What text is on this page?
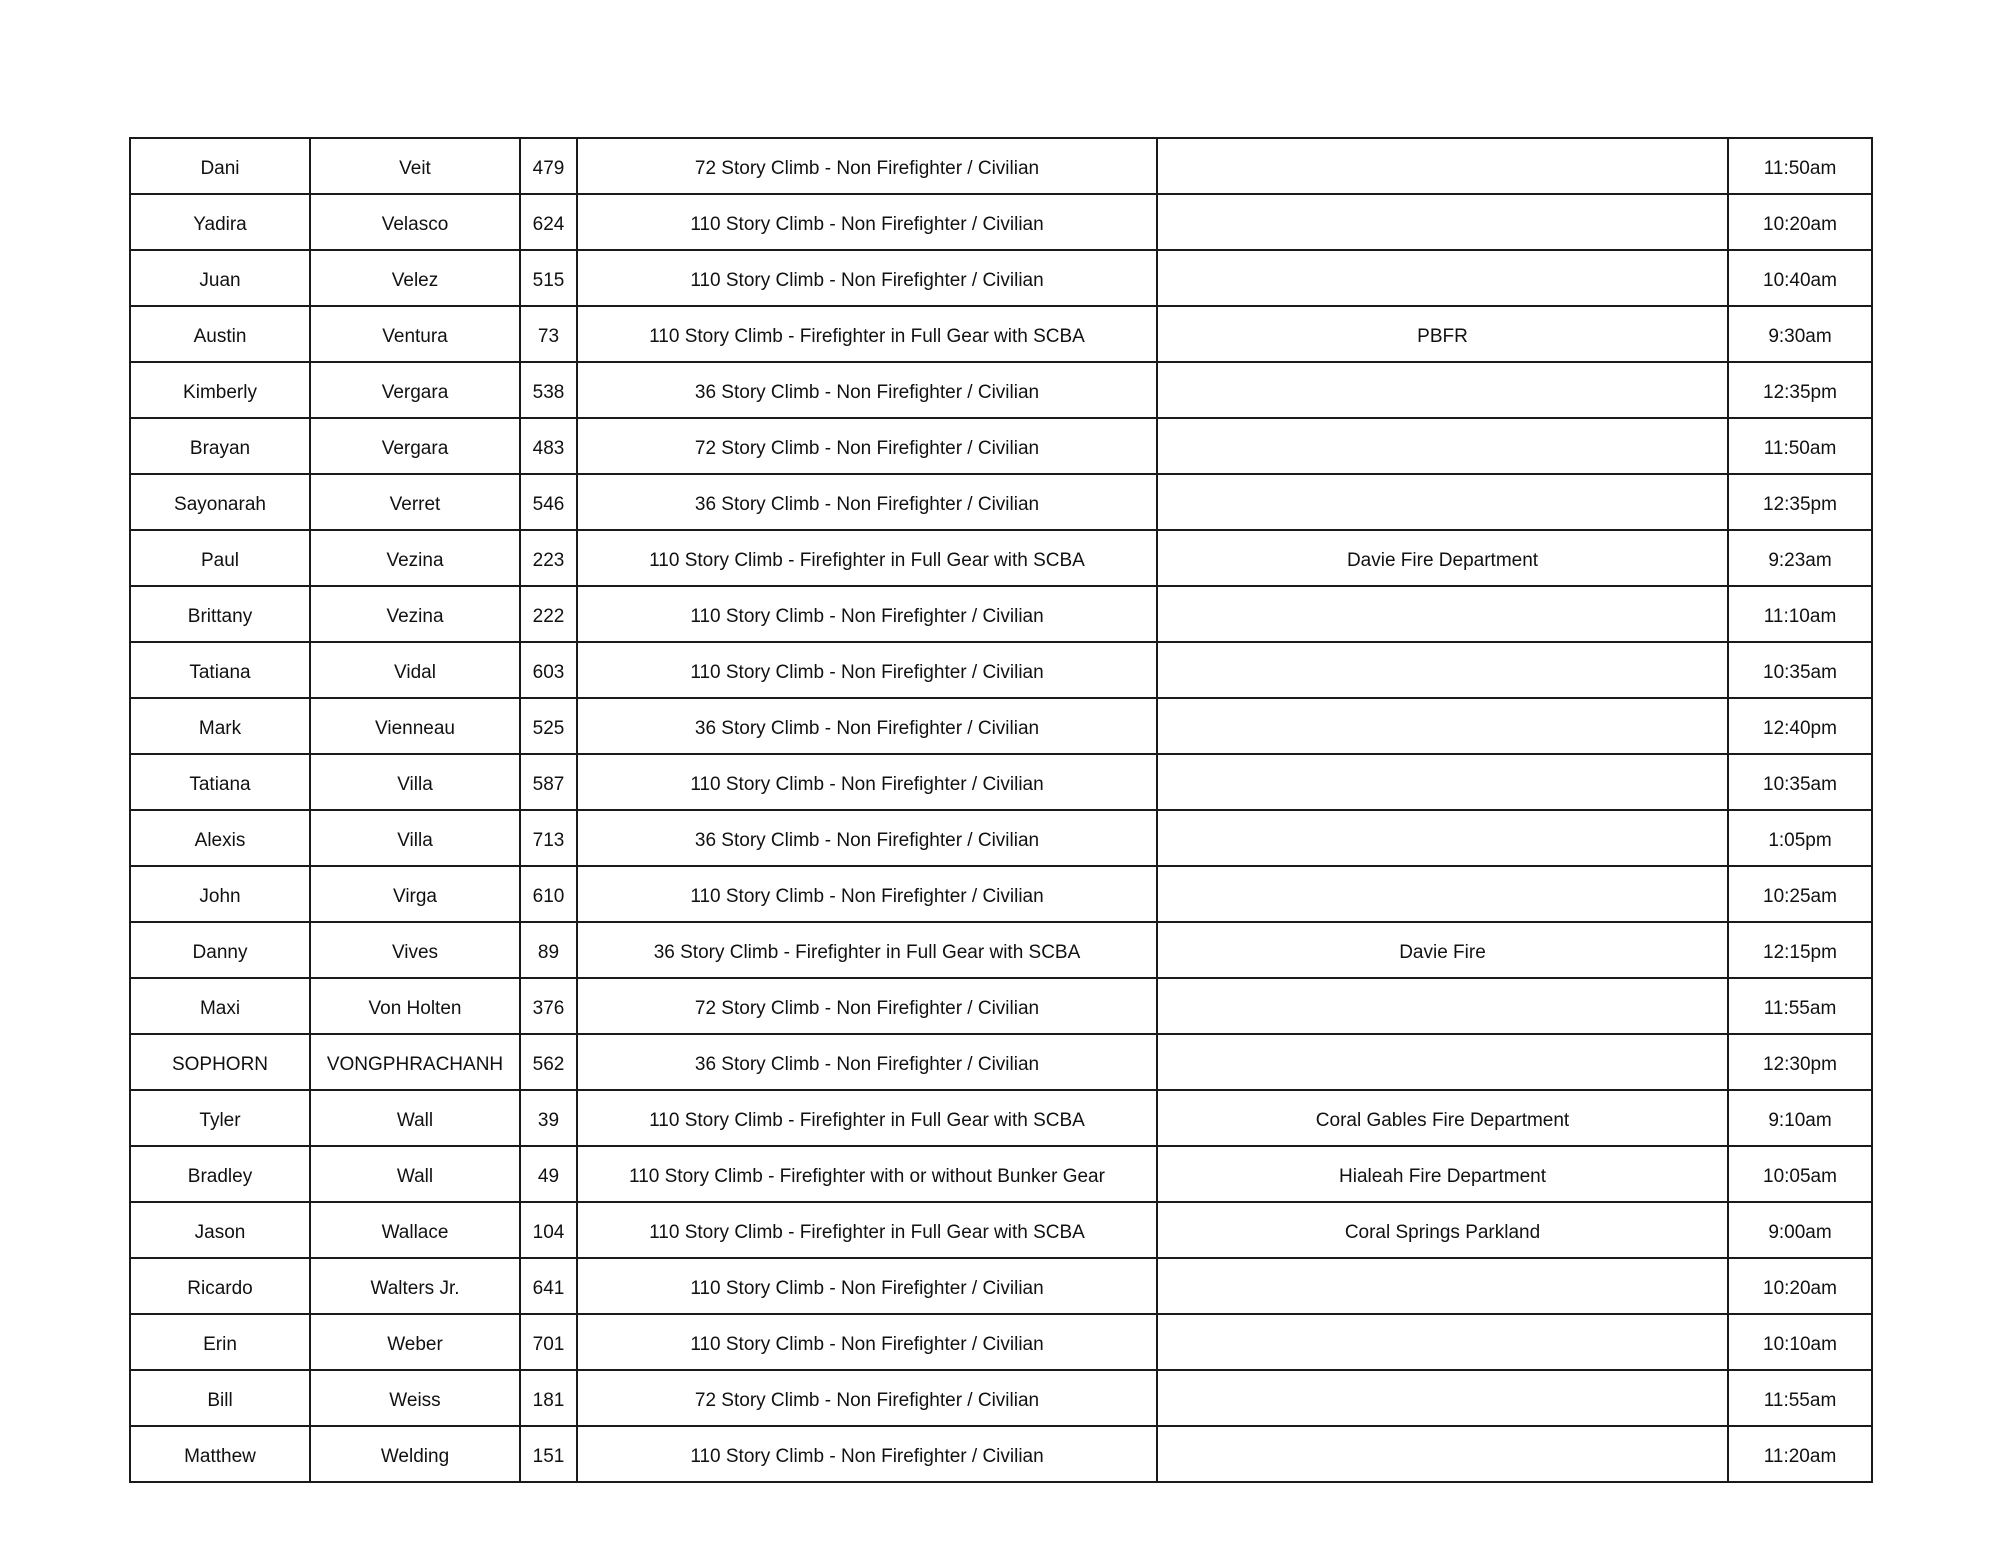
Dani	Veit	479	72 Story Climb - Non Firefighter / Civilian		11:50am
Yadira	Velasco	624	110 Story Climb - Non Firefighter / Civilian		10:20am
Juan	Velez	515	110 Story Climb - Non Firefighter / Civilian		10:40am
Austin	Ventura	73	110 Story Climb - Firefighter in Full Gear with SCBA	PBFR	9:30am
Kimberly	Vergara	538	36 Story Climb - Non Firefighter / Civilian		12:35pm
Brayan	Vergara	483	72 Story Climb - Non Firefighter / Civilian		11:50am
Sayonarah	Verret	546	36 Story Climb - Non Firefighter / Civilian		12:35pm
Paul	Vezina	223	110 Story Climb - Firefighter in Full Gear with SCBA	Davie Fire Department	9:23am
Brittany	Vezina	222	110 Story Climb - Non Firefighter / Civilian		11:10am
Tatiana	Vidal	603	110 Story Climb - Non Firefighter / Civilian		10:35am
Mark	Vienneau	525	36 Story Climb - Non Firefighter / Civilian		12:40pm
Tatiana	Villa	587	110 Story Climb - Non Firefighter / Civilian		10:35am
Alexis	Villa	713	36 Story Climb - Non Firefighter / Civilian		1:05pm
John	Virga	610	110 Story Climb - Non Firefighter / Civilian		10:25am
Danny	Vives	89	36 Story Climb - Firefighter in Full Gear with SCBA	Davie Fire	12:15pm
Maxi	Von Holten	376	72 Story Climb - Non Firefighter / Civilian		11:55am
SOPHORN	VONGPHRACHANH	562	36 Story Climb - Non Firefighter / Civilian		12:30pm
Tyler	Wall	39	110 Story Climb - Firefighter in Full Gear with SCBA	Coral Gables Fire Department	9:10am
Bradley	Wall	49	110 Story Climb - Firefighter with or without Bunker Gear	Hialeah Fire Department	10:05am
Jason	Wallace	104	110 Story Climb - Firefighter in Full Gear with SCBA	Coral Springs Parkland	9:00am
Ricardo	Walters Jr.	641	110 Story Climb - Non Firefighter / Civilian		10:20am
Erin	Weber	701	110 Story Climb - Non Firefighter / Civilian		10:10am
Bill	Weiss	181	72 Story Climb - Non Firefighter / Civilian		11:55am
Matthew	Welding	151	110 Story Climb - Non Firefighter / Civilian		11:20am
